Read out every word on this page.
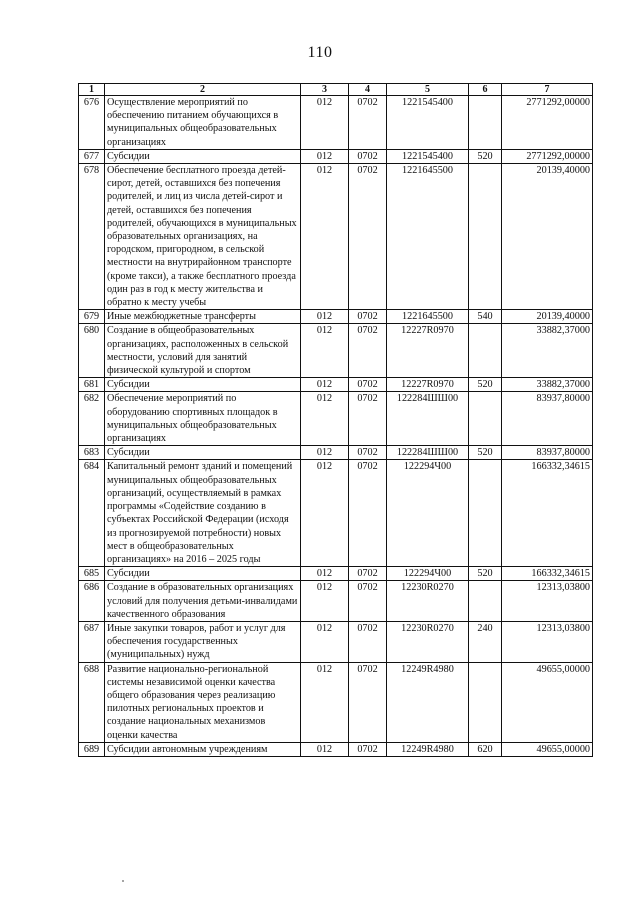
110
1	2	3	4	5	6	7
676	Осуществление мероприятий по обеспечению питанием обучающихся в муниципальных общеобразовательных организациях	012	0702	1221545400		2771292,00000
677	Субсидии	012	0702	1221545400	520	2771292,00000
678	Обеспечение бесплатного проезда детей-сирот, детей, оставшихся без попечения родителей, и лиц из числа детей-сирот и детей, оставшихся без попечения родителей, обучающихся в муниципальных образовательных организациях, на городском, пригородном, в сельской местности на внутрирайонном транспорте (кроме такси), а также бесплатного проезда один раз в год к месту жительства и обратно к месту учебы	012	0702	1221645500		20139,40000
679	Иные межбюджетные трансферты	012	0702	1221645500	540	20139,40000
680	Создание в общеобразовательных организациях, расположенных в сельской местности, условий для занятий физической культурой и спортом	012	0702	12227R0970		33882,37000
681	Субсидии	012	0702	12227R0970	520	33882,37000
682	Обеспечение мероприятий по оборудованию спортивных площадок в муниципальных общеобразовательных организациях	012	0702	122284ШШ00		83937,80000
683	Субсидии	012	0702	122284ШШ00	520	83937,80000
684	Капитальный ремонт зданий и помещений муниципальных общеобразовательных организаций, осуществляемый в рамках программы «Содействие созданию в субъектах Российской Федерации (исходя из прогнозируемой потребности) новых мест в общеобразовательных организациях» на 2016 – 2025 годы	012	0702	122294Ч00		166332,34615
685	Субсидии	012	0702	122294Ч00	520	166332,34615
686	Создание в образовательных организациях условий для получения детьми-инвалидами качественного образования	012	0702	12230R0270		12313,03800
687	Иные закупки товаров, работ и услуг для обеспечения государственных (муниципальных) нужд	012	0702	12230R0270	240	12313,03800
688	Развитие национально-региональной системы независимой оценки качества общего образования через реализацию пилотных региональных проектов и создание национальных механизмов оценки качества	012	0702	12249R4980		49655,00000
689	Субсидии автономным учреждениям	012	0702	12249R4980	620	49655,00000
